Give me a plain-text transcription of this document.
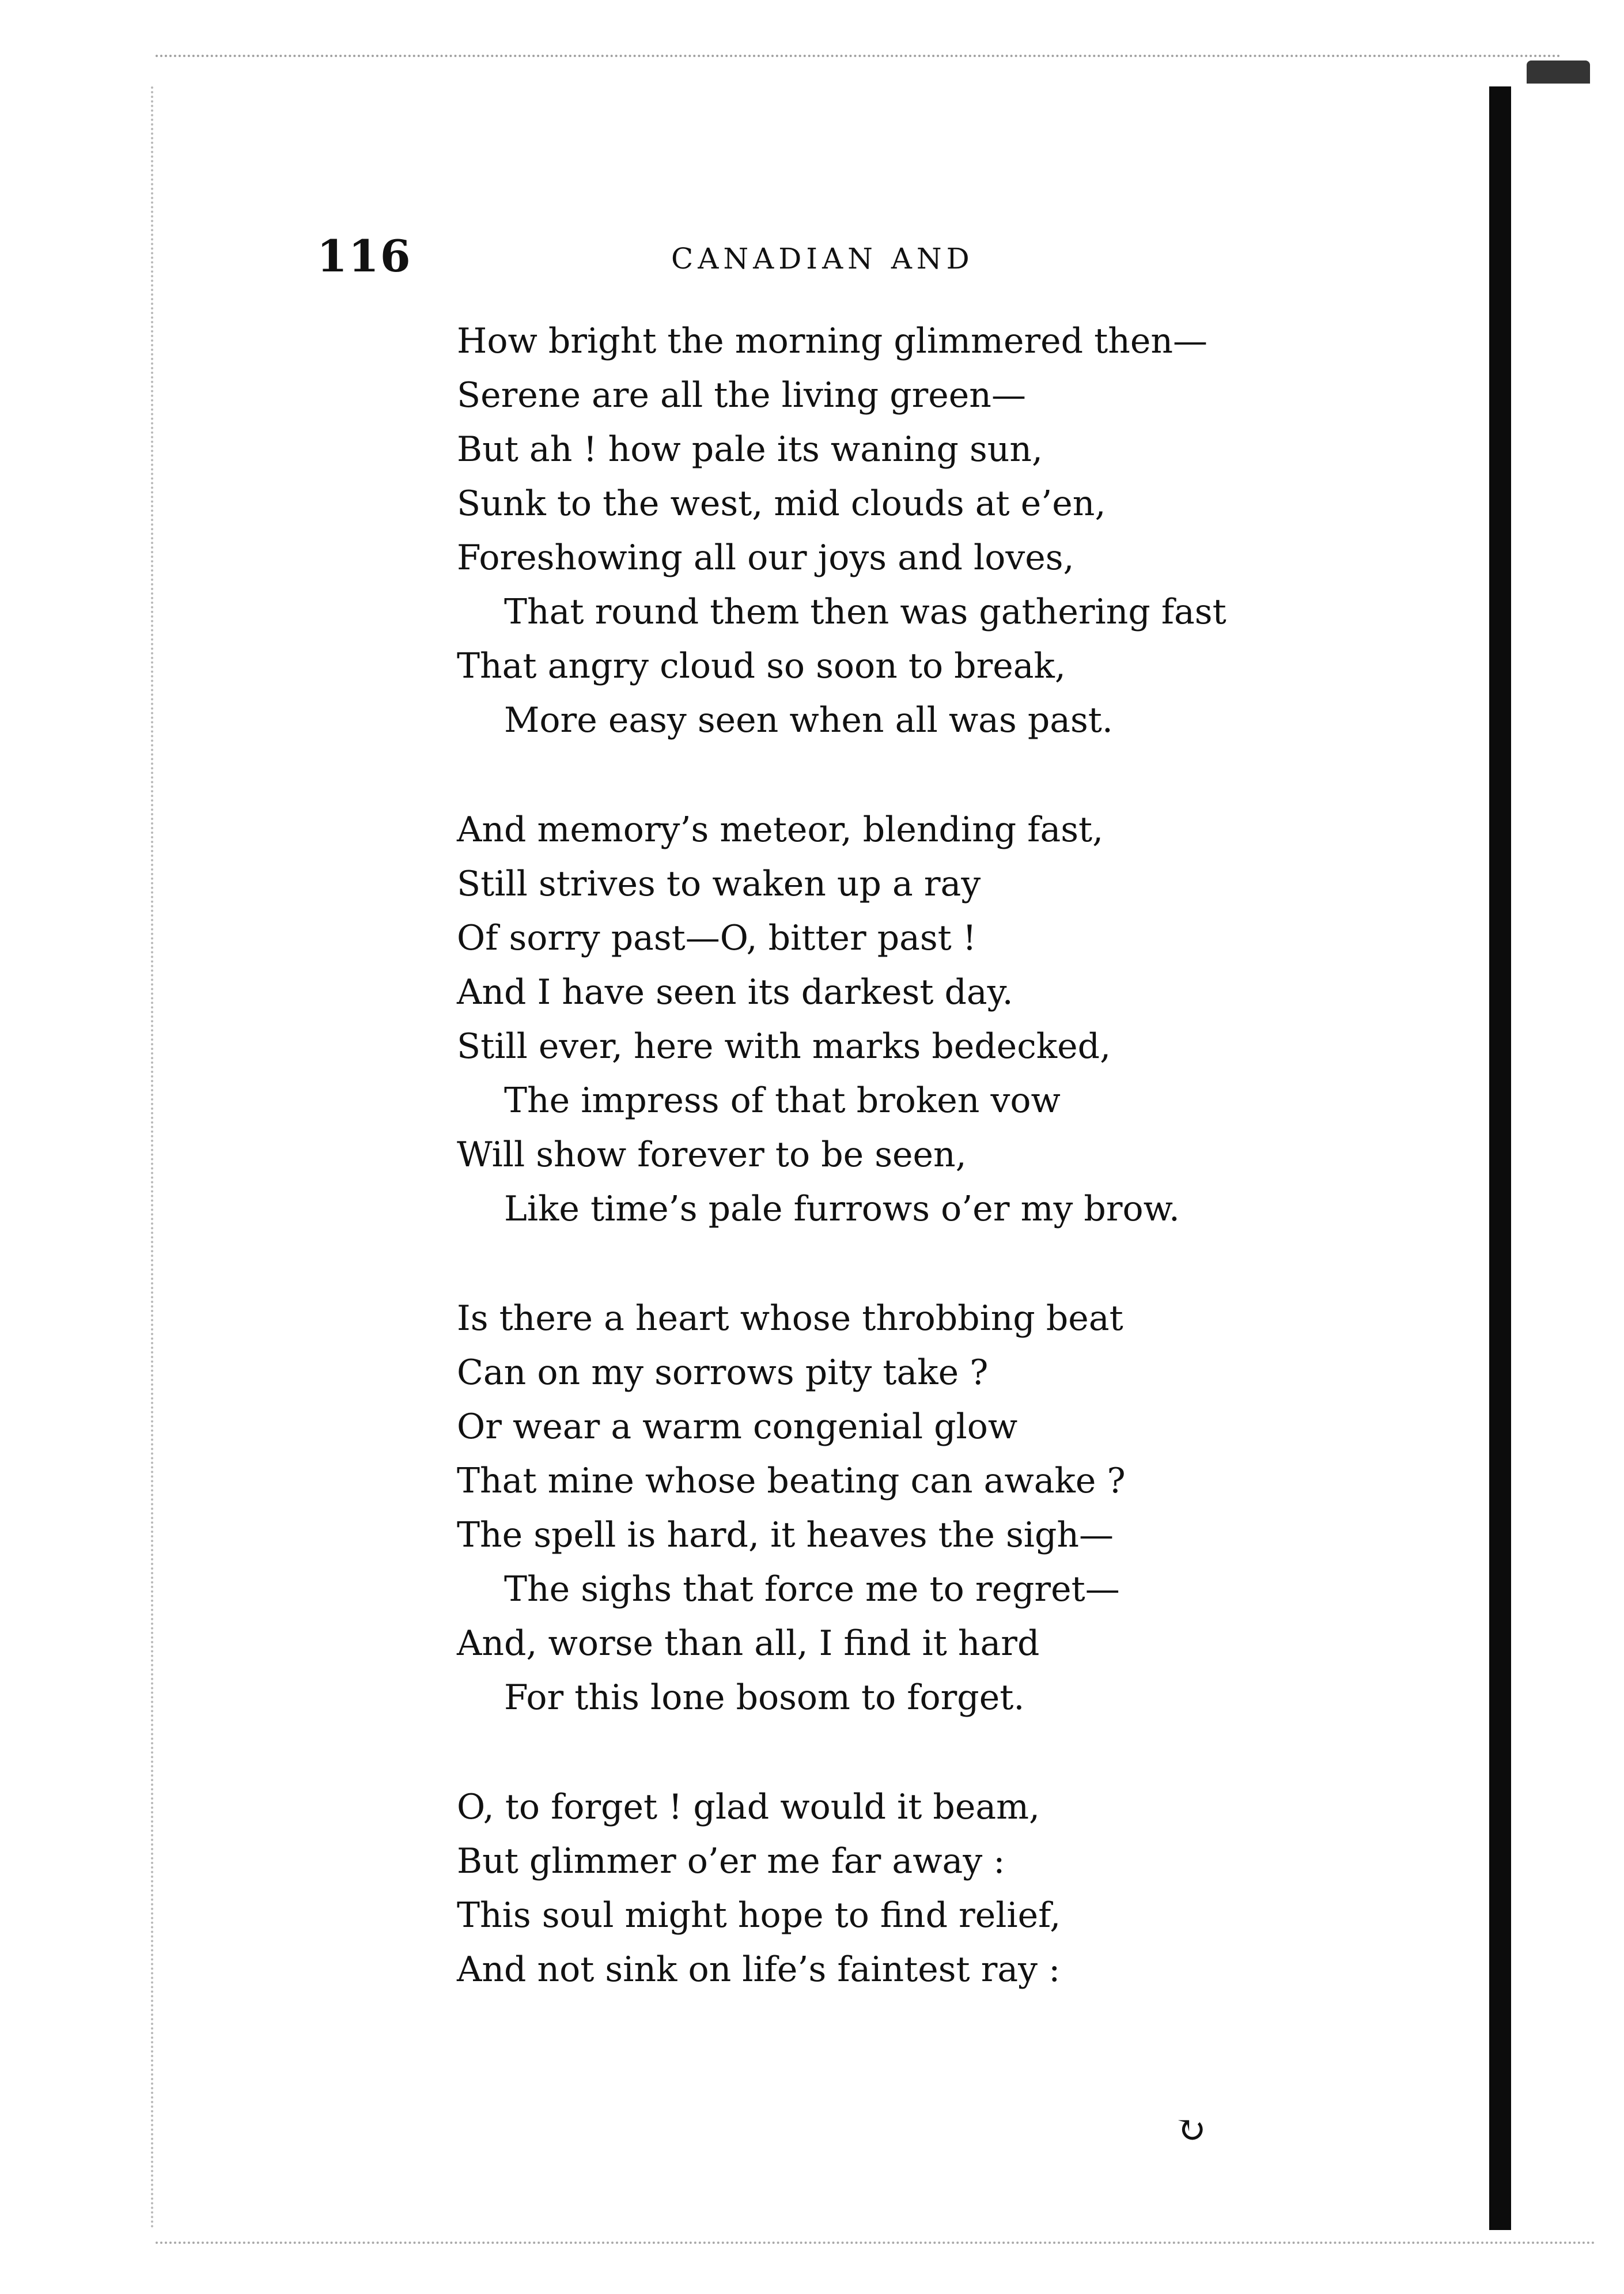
116	CANADIAN AND
How bright the morning glimmered then—
Serene are all the living green—
But ah ! how pale its waning sun,
Sunk to the west, mid clouds at e’en,
Foreshowing all our joys and loves,
That round them then was gathering fast
That angry cloud so soon to break,
More easy seen when all was past.
And memory’s meteor, blending fast,
Still strives to waken up a ray
Of sorry past—O, bitter past !
And I have seen its darkest day.
Still ever, here with marks bedecked,
The impress of that broken vow
Will show forever to be seen,
Like time’s pale furrows o’er my brow.
Is there a heart whose throbbing beat
Can on my sorrows pity take ?
Or wear a warm congenial glow
That mine whose beating can awake ?
The spell is hard, it heaves the sigh—
The sighs that force me to regret—
And, worse than all, I find it hard
For this lone bosom to forget.
O, to forget ! glad would it beam,
But glimmer o’er me far away :
This soul might hope to find relief,
And not sink on life’s faintest ray :
↻
